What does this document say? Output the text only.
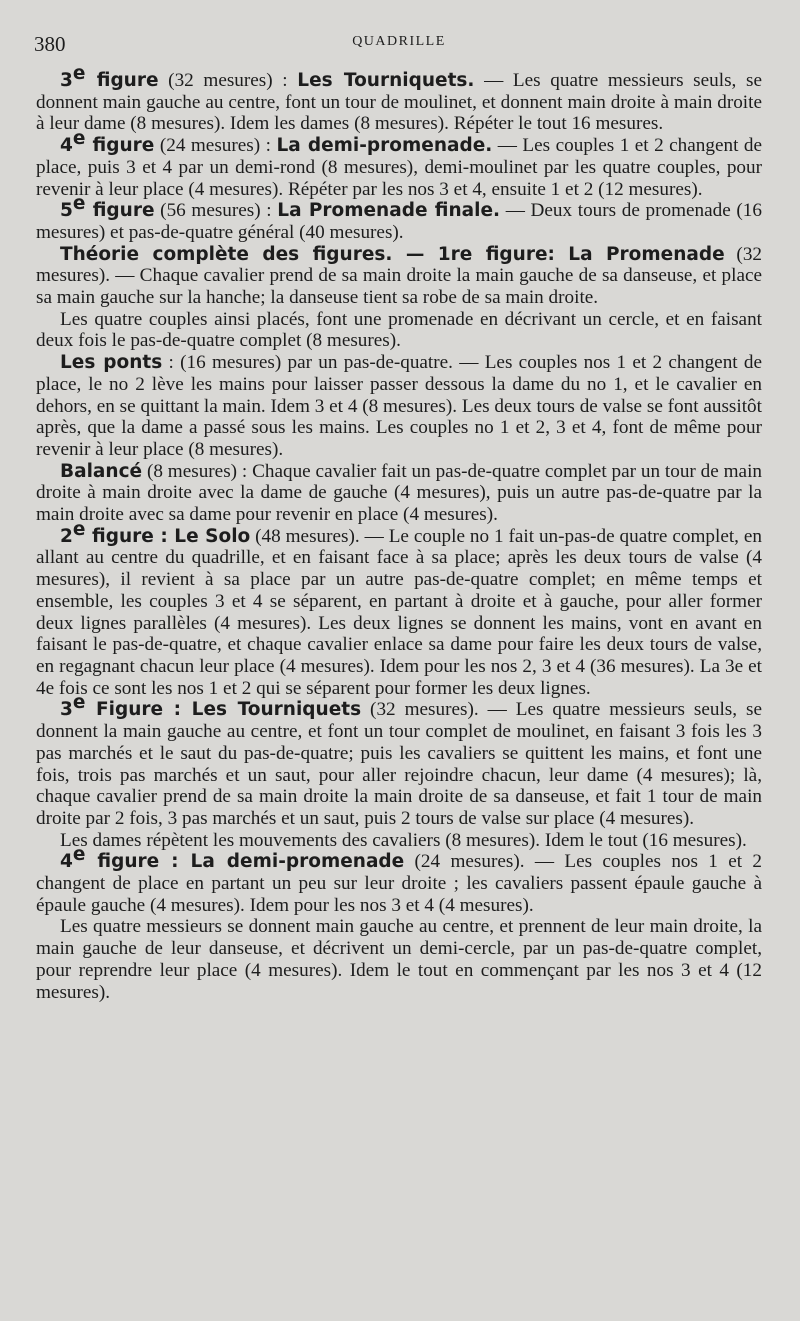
380	QUADRILLE

3e figure (32 mesures) : Les Tourniquets. — Les quatre messieurs seuls, se donnent main gauche au centre, font un tour de moulinet, et donnent main droite à main droite à leur dame (8 mesures). Idem les dames (8 mesures). Répéter le tout 16 mesures.

4e figure (24 mesures) : La demi-promenade. — Les couples 1 et 2 changent de place, puis 3 et 4 par un demi-rond (8 mesures), demi-moulinet par les quatre couples, pour revenir à leur place (4 mesures). Répéter par les nos 3 et 4, ensuite 1 et 2 (12 mesures).

5e figure (56 mesures) : La Promenade finale. — Deux tours de promenade (16 mesures) et pas-de-quatre général (40 mesures).

Théorie complète des figures. — 1re figure: La Promenade (32 mesures). — Chaque cavalier prend de sa main droite la main gauche de sa danseuse, et place sa main gauche sur la hanche; la danseuse tient sa robe de sa main droite.

Les quatre couples ainsi placés, font une promenade en décrivant un cercle, et en faisant deux fois le pas-de-quatre complet (8 mesures).

Les ponts : (16 mesures) par un pas-de-quatre. — Les couples nos 1 et 2 changent de place, le no 2 lève les mains pour laisser passer dessous la dame du no 1, et le cavalier en dehors, en se quittant la main. Idem 3 et 4 (8 mesures). Les deux tours de valse se font aussitôt après, que la dame a passé sous les mains. Les couples no 1 et 2, 3 et 4, font de même pour revenir à leur place (8 mesures).

Balancé (8 mesures) : Chaque cavalier fait un pas-de-quatre complet par un tour de main droite à main droite avec la dame de gauche (4 mesures), puis un autre pas-de-quatre par la main droite avec sa dame pour revenir en place (4 mesures).

2e figure : Le Solo (48 mesures). — Le couple no 1 fait un-pas-de quatre complet, en allant au centre du quadrille, et en faisant face à sa place; après les deux tours de valse (4 mesures), il revient à sa place par un autre pas-de-quatre complet; en même temps et ensemble, les couples 3 et 4 se séparent, en partant à droite et à gauche, pour aller former deux lignes parallèles (4 mesures). Les deux lignes se donnent les mains, vont en avant en faisant le pas-de-quatre, et chaque cavalier enlace sa dame pour faire les deux tours de valse, en regagnant chacun leur place (4 mesures). Idem pour les nos 2, 3 et 4 (36 mesures). La 3e et 4e fois ce sont les nos 1 et 2 qui se séparent pour former les deux lignes.

3e Figure : Les Tourniquets (32 mesures). — Les quatre messieurs seuls, se donnent la main gauche au centre, et font un tour complet de moulinet, en faisant 3 fois les 3 pas marchés et le saut du pas-de-quatre; puis les cavaliers se quittent les mains, et font une fois, trois pas marchés et un saut, pour aller rejoindre chacun, leur dame (4 mesures); là, chaque cavalier prend de sa main droite la main droite de sa danseuse, et fait 1 tour de main droite par 2 fois, 3 pas marchés et un saut, puis 2 tours de valse sur place (4 mesures).

Les dames répètent les mouvements des cavaliers (8 mesures). Idem le tout (16 mesures).

4e figure : La demi-promenade (24 mesures). — Les couples nos 1 et 2 changent de place en partant un peu sur leur droite ; les cavaliers passent épaule gauche à épaule gauche (4 mesures). Idem pour les nos 3 et 4 (4 mesures).

Les quatre messieurs se donnent main gauche au centre, et prennent de leur main droite, la main gauche de leur danseuse, et décrivent un demi-cercle, par un pas-de-quatre complet, pour reprendre leur place (4 mesures). Idem le tout en commençant par les nos 3 et 4 (12 mesures).
